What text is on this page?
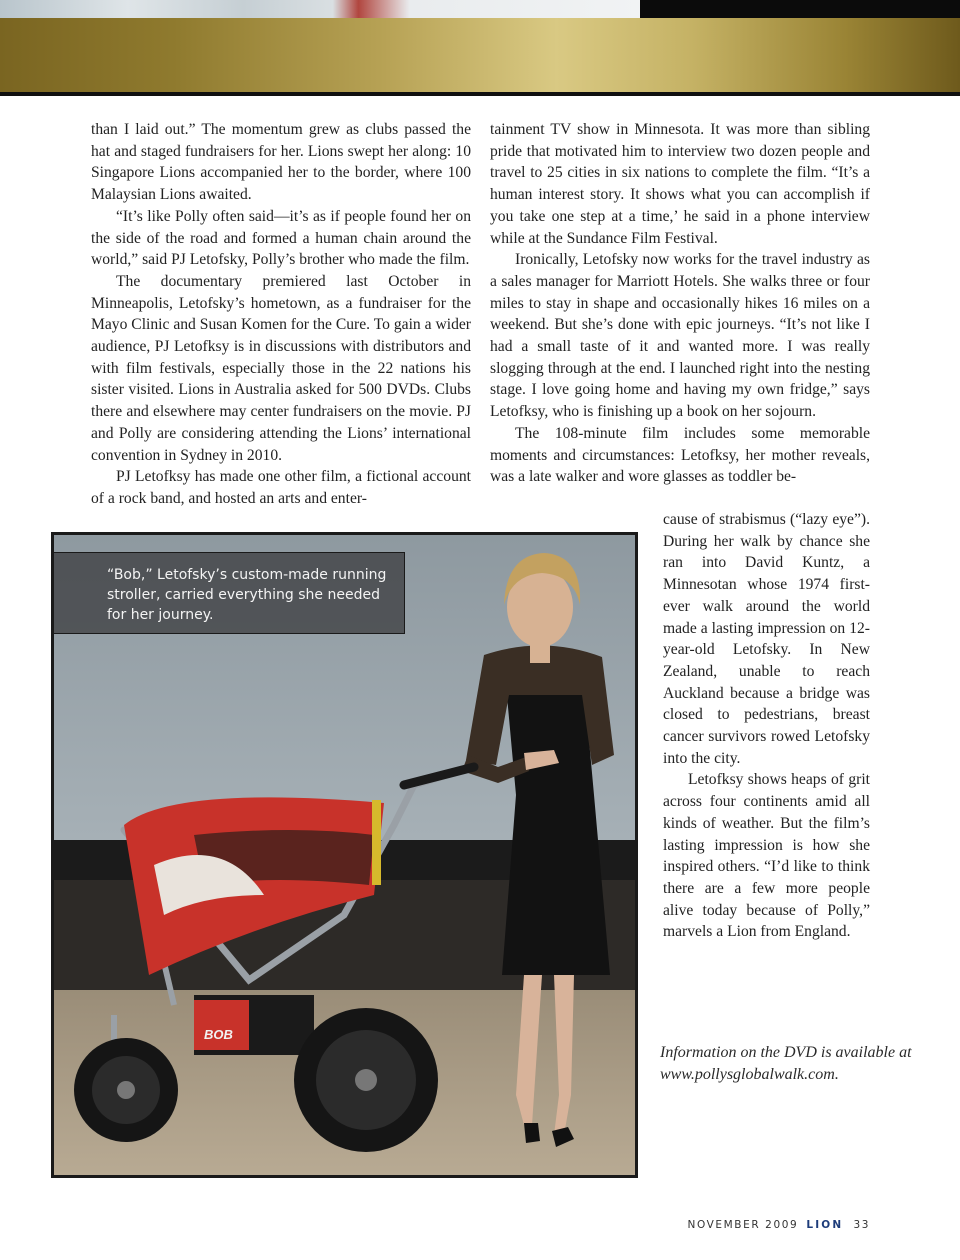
than I laid out.” The momentum grew as clubs passed the hat and staged fundraisers for her. Lions swept her along: 10 Singapore Lions accompanied her to the border, where 100 Malaysian Lions awaited.

“It’s like Polly often said—it’s as if people found her on the side of the road and formed a human chain around the world,” said PJ Letofsky, Polly’s brother who made the film.

The documentary premiered last October in Minneapolis, Letofsky’s hometown, as a fundraiser for the Mayo Clinic and Susan Komen for the Cure. To gain a wider audience, PJ Letofksy is in discussions with distributors and with film festivals, especially those in the 22 nations his sister visited. Lions in Australia asked for 500 DVDs. Clubs there and elsewhere may center fundraisers on the movie. PJ and Polly are considering attending the Lions’ international convention in Sydney in 2010.

PJ Letofksy has made one other film, a fictional account of a rock band, and hosted an arts and enter-

tainment TV show in Minnesota. It was more than sibling pride that motivated him to interview two dozen people and travel to 25 cities in six nations to complete the film. “It’s a human interest story. It shows what you can accomplish if you take one step at a time,’ he said in a phone interview while at the Sundance Film Festival.

Ironically, Letofsky now works for the travel industry as a sales manager for Marriott Hotels. She walks three or four miles to stay in shape and occasionally hikes 16 miles on a weekend. But she’s done with epic journeys. “It’s not like I had a small taste of it and wanted more. I was really slogging through at the end. I launched right into the nesting stage. I love going home and having my own fridge,” says Letofksy, who is finishing up a book on her sojourn.

The 108-minute film includes some memorable moments and circumstances: Letofksy, her mother reveals, was a late walker and wore glasses as toddler be-

cause of strabismus (“lazy eye”). During her walk by chance she ran into David Kuntz, a Minnesotan whose 1974 first-ever walk around the world made a lasting impression on 12-year-old Letofsky. In New Zealand, unable to reach Auckland because a bridge was closed to pedestrians, breast cancer survivors rowed Letofsky into the city.

Letofksy shows heaps of grit across four continents amid all kinds of weather. But the film’s lasting impression is how she inspired others. “I’d like to think there are a few more people alive today because of Polly,” marvels a Lion from England.

Information on the DVD is available at www.pollysglobalwalk.com.
BOB
“Bob,” Letofsky’s custom-made running stroller, carried everything she needed for her journey.
NOVEMBER 2009 LION 33
